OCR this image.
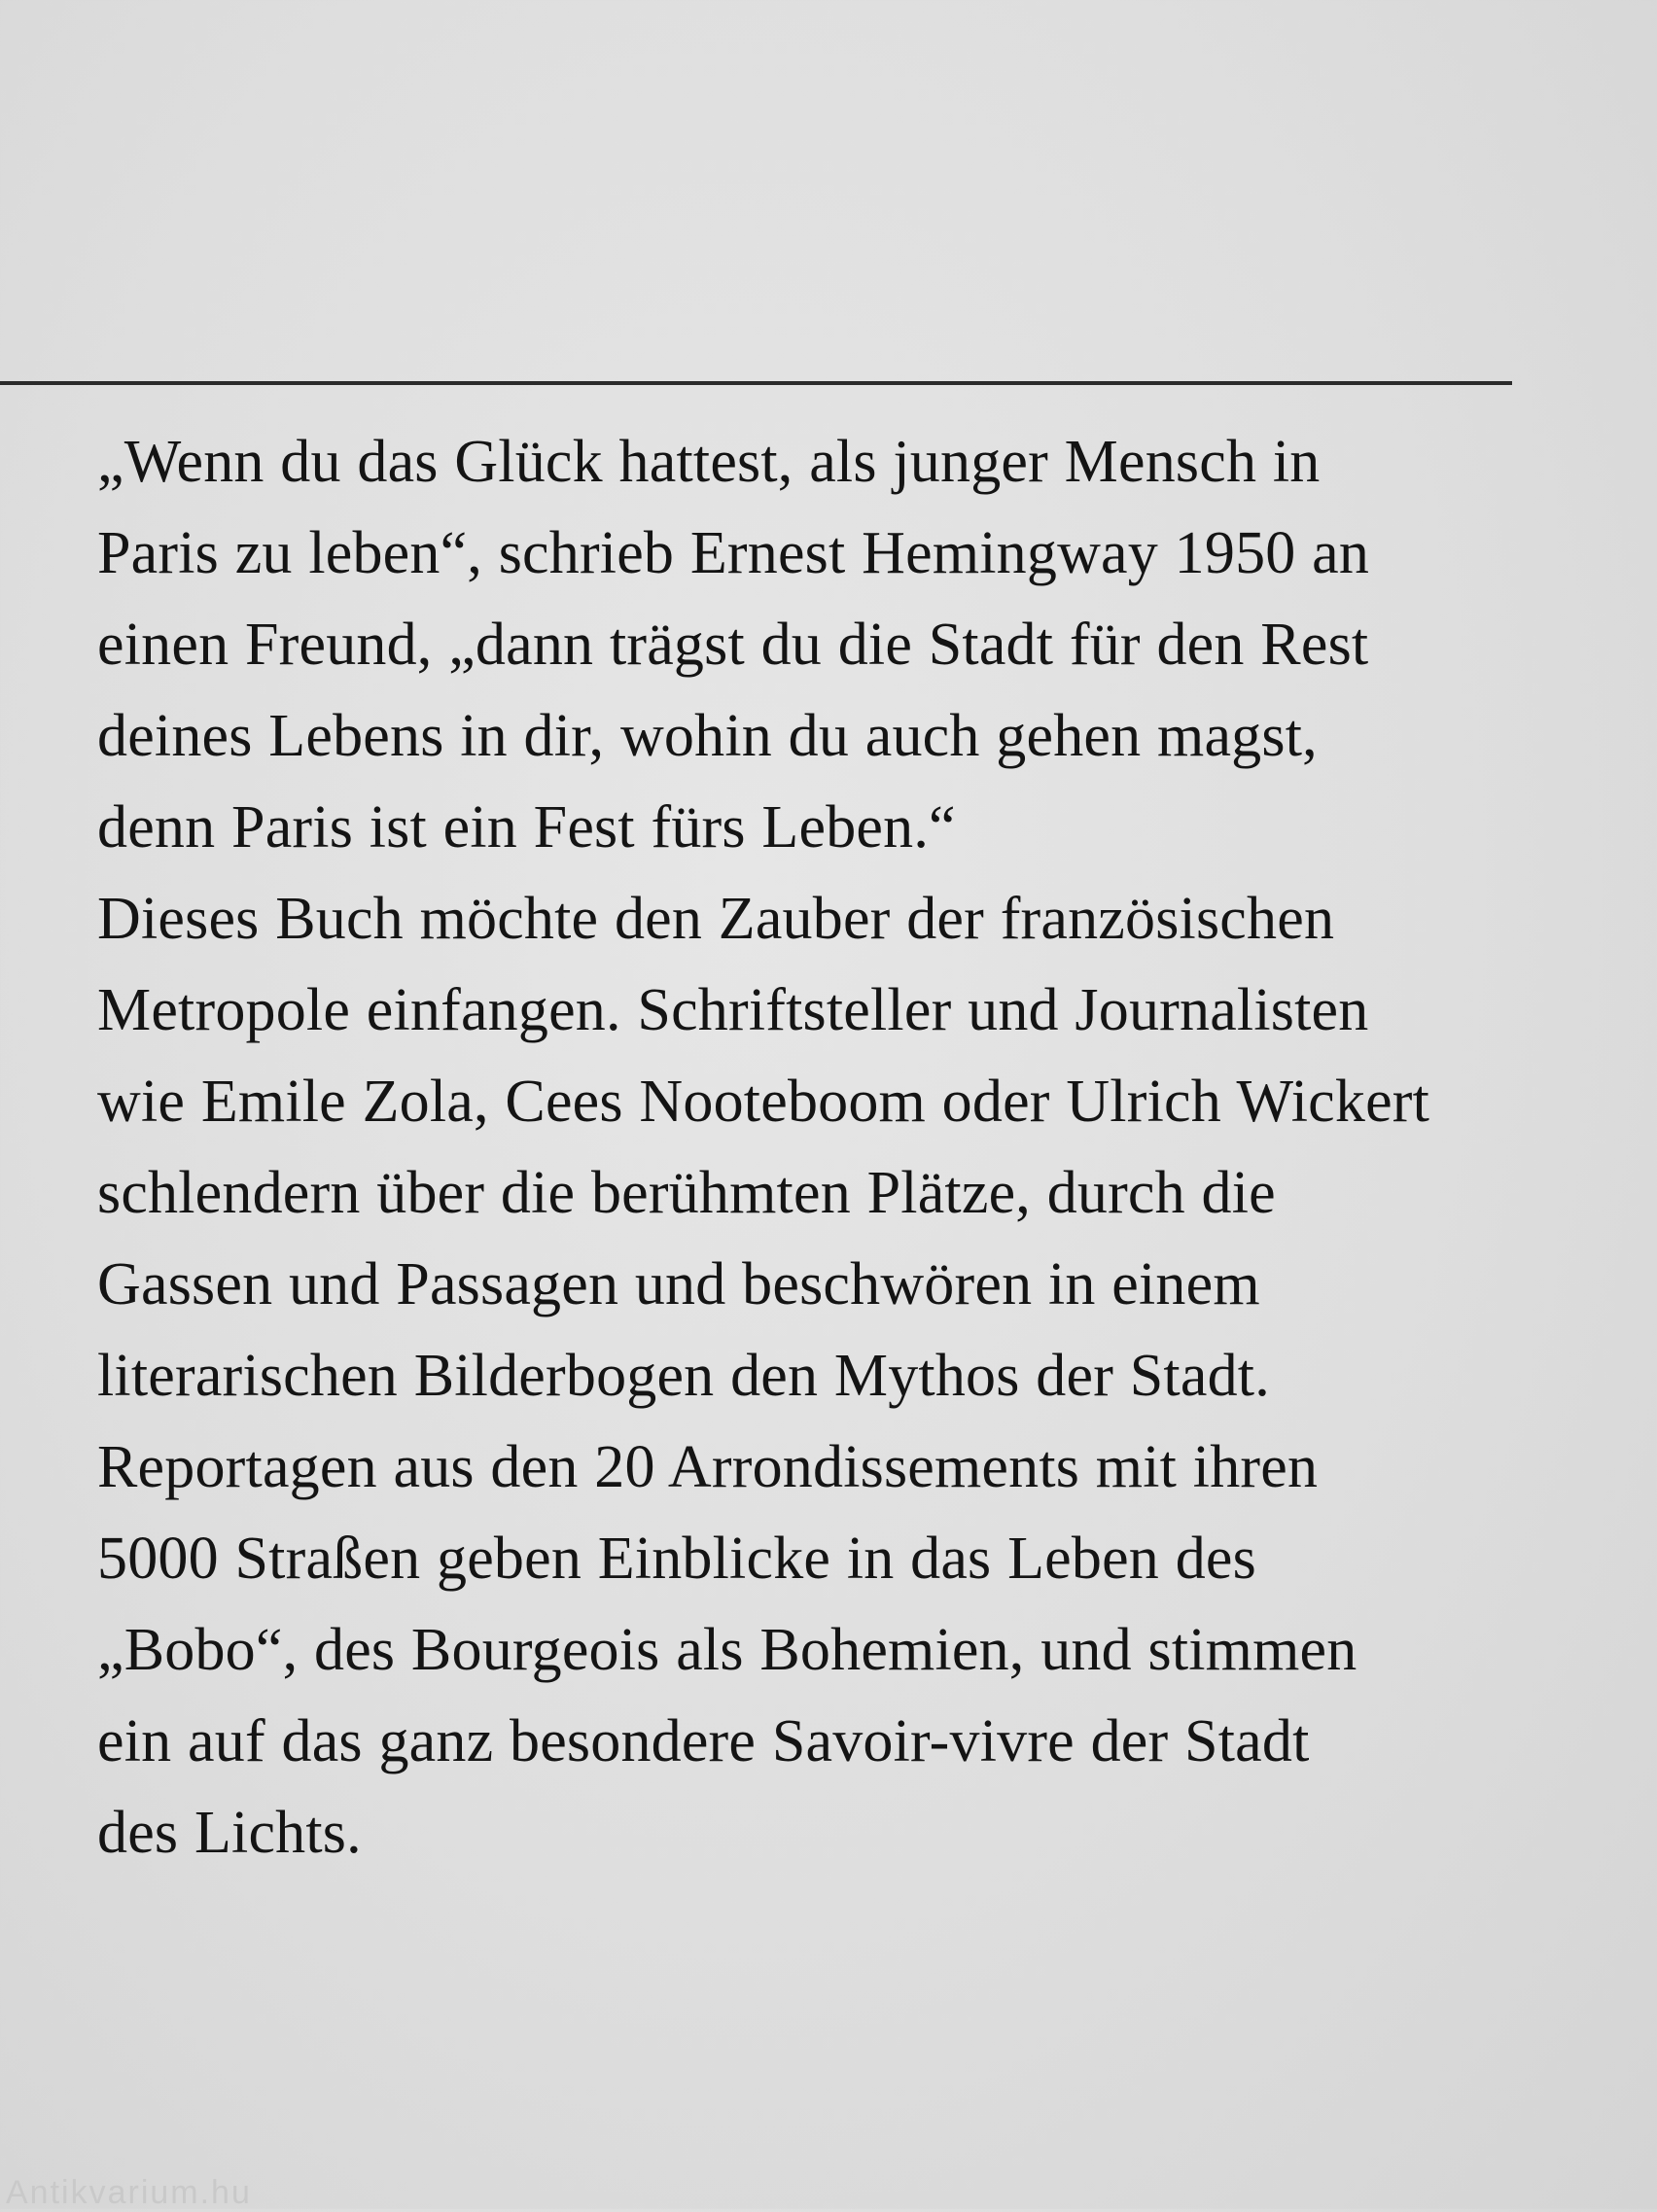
„Wenn du das Glück hattest, als junger Mensch in
Paris zu leben“, schrieb Ernest Hemingway 1950 an
einen Freund, „dann trägst du die Stadt für den Rest
deines Lebens in dir, wohin du auch gehen magst,
denn Paris ist ein Fest fürs Leben.“
Dieses Buch möchte den Zauber der französischen
Metropole einfangen. Schriftsteller und Journalisten
wie Emile Zola, Cees Nooteboom oder Ulrich Wickert
schlendern über die berühmten Plätze, durch die
Gassen und Passagen und beschwören in einem
literarischen Bilderbogen den Mythos der Stadt.
Reportagen aus den 20 Arrondissements mit ihren
5000 Straßen geben Einblicke in das Leben des
„Bobo“, des Bourgeois als Bohemien, und stimmen
ein auf das ganz besondere Savoir-vivre der Stadt
des Lichts.
Antikvarium.hu
